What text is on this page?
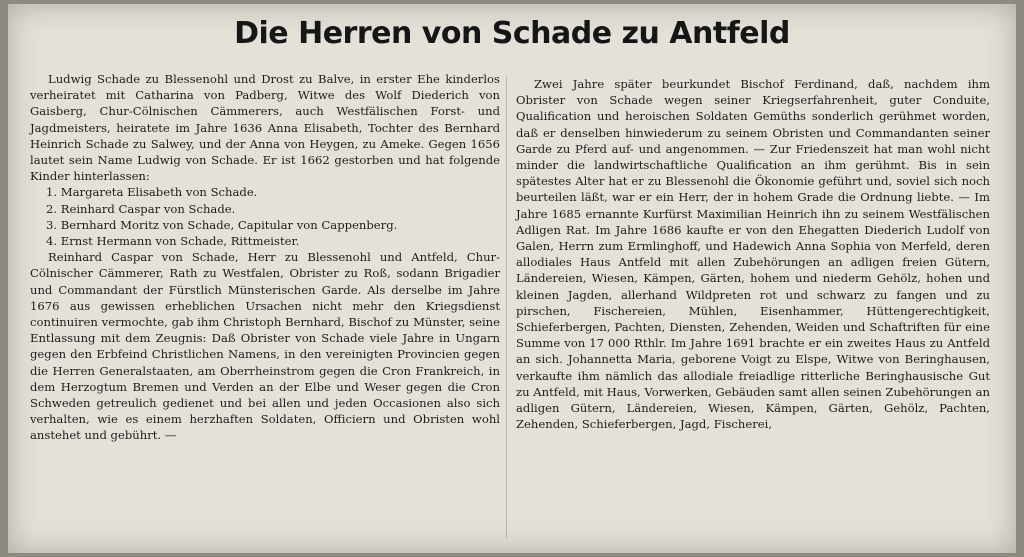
Die Herren von Schade zu Antfeld

Ludwig Schade zu Blessenohl und Drost zu Balve, in erster Ehe kinderlos verheiratet mit Catharina von Padberg, Witwe des Wolf Diederich von Gaisberg, Chur-Cölnischen Cämmerers, auch Westfälischen Forst- und Jagdmeisters, heiratete im Jahre 1636 Anna Elisabeth, Tochter des Bernhard Heinrich Schade zu Salwey, und der Anna von Heygen, zu Ameke. Gegen 1656 lautet sein Name Ludwig von Schade. Er ist 1662 gestorben und hat folgende Kinder hinterlassen:

1. Margareta Elisabeth von Schade.
2. Reinhard Caspar von Schade.
3. Bernhard Moritz von Schade, Capitular von Cappenberg.
4. Ernst Hermann von Schade, Rittmeister.

Reinhard Caspar von Schade, Herr zu Blessenohl und Antfeld, Chur-Cölnischer Cämmerer, Rath zu Westfalen, Obrister zu Roß, sodann Brigadier und Commandant der Fürstlich Münsterischen Garde. Als derselbe im Jahre 1676 aus gewissen erheblichen Ursachen nicht mehr den Kriegsdienst continuiren vermochte, gab ihm Christoph Bernhard, Bischof zu Münster, seine Entlassung mit dem Zeugnis: Daß Obrister von Schade viele Jahre in Ungarn gegen den Erbfeind Christlichen Namens, in den vereinigten Provincien gegen die Herren Generalstaaten, am Oberrheinstrom gegen die Cron Frankreich, in dem Herzogtum Bremen und Verden an der Elbe und Weser gegen die Cron Schweden getreulich gedienet und bei allen und jeden Occasionen also sich verhalten, wie es einem herzhaften Soldaten, Officiern und Obristen wohl anstehet und gebührt. —

Zwei Jahre später beurkundet Bischof Ferdinand, daß, nachdem ihm Obrister von Schade wegen seiner Kriegserfahrenheit, guter Conduite, Qualification und heroischen Soldaten Gemüths sonderlich gerühmet worden, daß er denselben hinwiederum zu seinem Obristen und Commandanten seiner Garde zu Pferd auf- und angenommen. — Zur Friedenszeit hat man wohl nicht minder die landwirtschaftliche Qualification an ihm gerühmt. Bis in sein spätestes Alter hat er zu Blessenohl die Ökonomie geführt und, soviel sich noch beurteilen läßt, war er ein Herr, der in hohem Grade die Ordnung liebte. — Im Jahre 1685 ernannte Kurfürst Maximilian Heinrich ihn zu seinem Westfälischen Adligen Rat. Im Jahre 1686 kaufte er von den Ehegatten Diederich Ludolf von Galen, Herrn zum Ermlinghoff, und Hadewich Anna Sophia von Merfeld, deren allodiales Haus Antfeld mit allen Zubehörungen an adligen freien Gütern, Ländereien, Wiesen, Kämpen, Gärten, hohem und niederm Gehölz, hohen und kleinen Jagden, allerhand Wildpreten rot und schwarz zu fangen und zu pirschen, Fischereien, Mühlen, Eisenhammer, Hüttengerechtigkeit, Schieferbergen, Pachten, Diensten, Zehenden, Weiden und Schaftriften für eine Summe von 17 000 Rthlr. Im Jahre 1691 brachte er ein zweites Haus zu Antfeld an sich. Johannetta Maria, geborene Voigt zu Elspe, Witwe von Beringhausen, verkaufte ihm nämlich das allodiale freiadlige ritterliche Beringhausische Gut zu Antfeld, mit Haus, Vorwerken, Gebäuden samt allen seinen Zubehörungen an adligen Gütern, Ländereien, Wiesen, Kämpen, Gärten, Gehölz, Pachten, Zehenden, Schieferbergen, Jagd, Fischerei,
